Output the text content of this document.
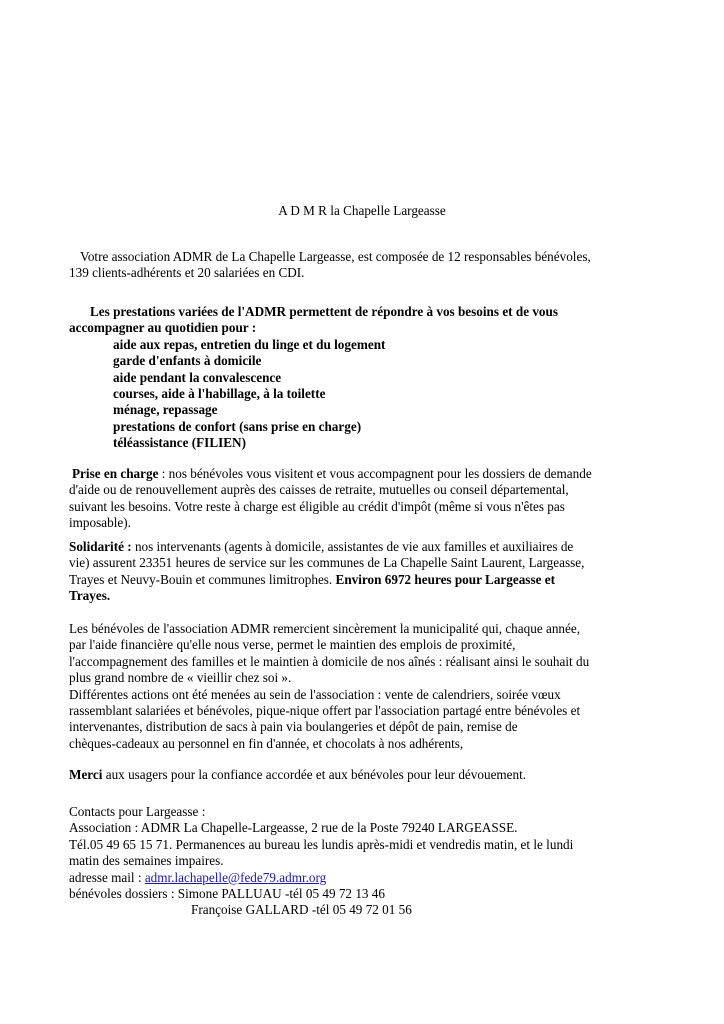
A D M R la Chapelle Largeasse
Votre association ADMR de La Chapelle Largeasse, est composée de 12 responsables bénévoles,
139 clients-adhérents et 20 salariées en CDI.
Les prestations variées de l'ADMR permettent de répondre à vos besoins et de vous
accompagner au quotidien pour :
aide aux repas, entretien du linge et du logement
garde d'enfants à domicile
aide pendant la convalescence
courses, aide à l'habillage, à la toilette
ménage, repassage
prestations de confort (sans prise en charge)
téléassistance (FILIEN)
Prise en charge : nos bénévoles vous visitent et vous accompagnent pour les dossiers de demande
d'aide ou de renouvellement auprès des caisses de retraite, mutuelles ou conseil départemental,
suivant les besoins. Votre reste à charge est éligible au crédit d'impôt (même si vous n'êtes pas
imposable).
Solidarité : nos intervenants (agents à domicile, assistantes de vie aux familles et auxiliaires de
vie) assurent 23351 heures de service sur les communes de La Chapelle Saint Laurent, Largeasse,
Trayes et Neuvy-Bouin et communes limitrophes. Environ 6972 heures pour Largeasse et
Trayes.
Les bénévoles de l'association ADMR remercient sincèrement la municipalité qui, chaque année,
par l'aide financière qu'elle nous verse, permet le maintien des emplois de proximité,
l'accompagnement des familles et le maintien à domicile de nos aînés : réalisant ainsi le souhait du
plus grand nombre de « vieillir chez soi ».
Différentes actions ont été menées au sein de l'association : vente de calendriers, soirée vœux
rassemblant salariées et bénévoles, pique-nique offert par l'association partagé entre bénévoles et
intervenantes, distribution de sacs à pain via boulangeries et dépôt de pain, remise de
chèques-cadeaux au personnel en fin d'année, et chocolats à nos adhérents,
Merci aux usagers pour la confiance accordée et aux bénévoles pour leur dévouement.
Contacts pour Largeasse :
Association : ADMR La Chapelle-Largeasse, 2 rue de la Poste 79240 LARGEASSE.
Tél.05 49 65 15 71. Permanences au bureau les lundis après-midi et vendredis matin, et le lundi
matin des semaines impaires.
adresse mail : admr.lachapelle@fede79.admr.org
bénévoles dossiers : Simone PALLUAU -tél 05 49 72 13 46
Françoise GALLARD -tél 05 49 72 01 56
